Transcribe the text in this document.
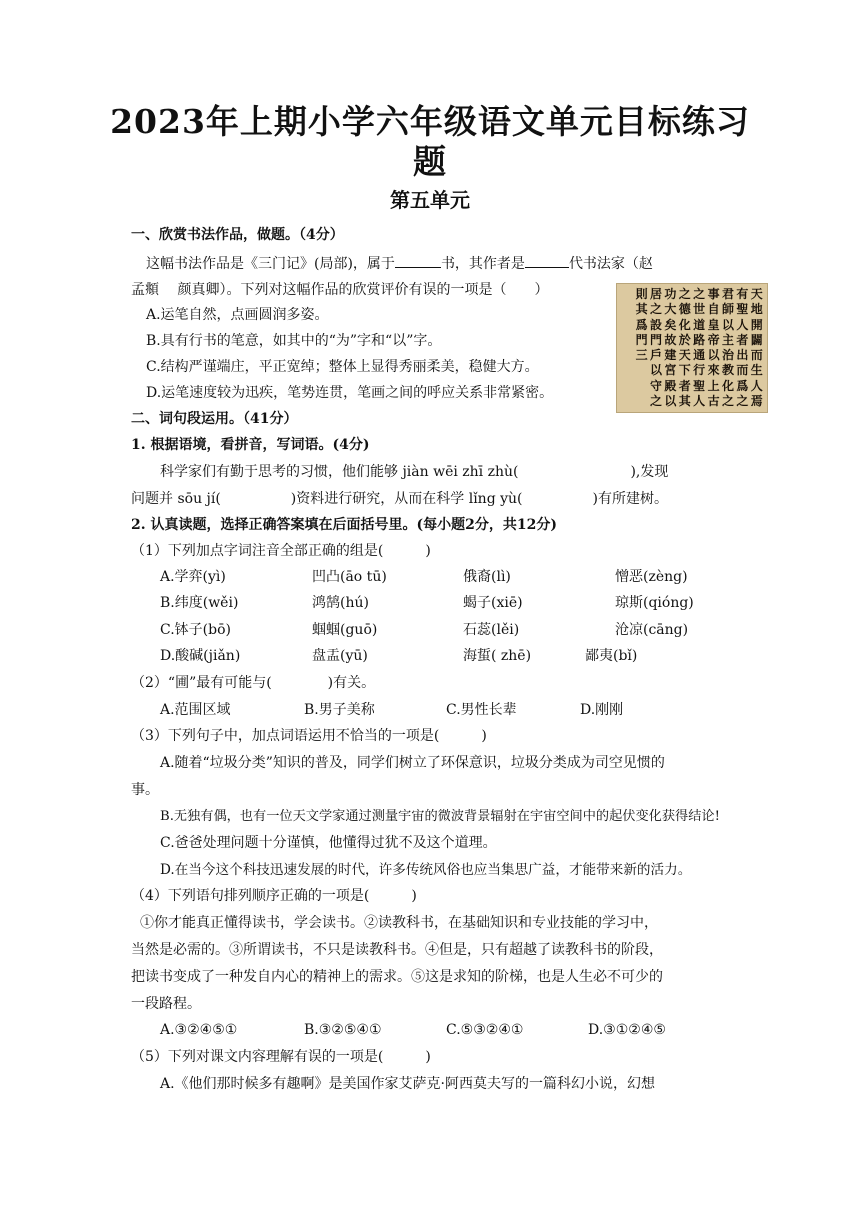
2023年上期小学六年级语文单元目标练习题
第五单元
一、欣赏书法作品，做题。（4分）
这幅书法作品是《三门记》(局部)，属于	书，其作者是	代书法家（赵
孟頫　 颜真卿）。下列对这幅作品的欣赏评价有误的一项是（　　）
A.运笔自然，点画圆润多姿。
B.具有行书的笔意，如其中的“为”字和“以”字。
C.结构严谨端庄，平正宽绰；整体上显得秀丽柔美，稳健大方。
D.运笔速度较为迅疾，笔势连贯，笔画之间的呼应关系非常紧密。
則 居 功 之 之 事 君 有 天
其 之 大 德 世 自 師 聖 地
爲 設 矣 化 道 皇 以 人 開
門 門 故 於 路 帝 主 者 闢
三 戶 建 天 通 以 治 出 而
以 宮 下 行 來 教 而 生
守 殿 者 聖 上 化 爲 人
之 以 其 人 古 之 之 焉
二、词句段运用。（41分）
1. 根据语境，看拼音，写词语。(4分)
科学家们有勤于思考的习惯，他们能够 jiàn wēi zhī zhù(　　　　　　　　),发现
问题并 sōu jí(　　　　　)资料进行研究，从而在科学 lǐng yù(　　　　　)有所建树。
2. 认真读题，选择正确答案填在后面括号里。(每小题2分，共12分)
（1）下列加点字词注音全部正确的组是(　　　)
A.学弈(yì)	凹凸(āo tū)	俄裔(lì)	憎恶(zèng)
B.纬度(wěi)	鸿鹄(hú)	蝎子(xiē)	琼斯(qióng)
C.钵子(bō)	蝈蝈(guō)	石蕊(lěi)	沧凉(cāng)
D.酸碱(jiǎn)	盘盂(yū)	海蜇( zhē)	鄙夷(bǐ)
（2）“圃”最有可能与(　　　　)有关。
A.范围区域	B.男子美称	C.男性长辈	D.刚刚
（3）下列句子中，加点词语运用不恰当的一项是(　　　)
A.随着“垃圾分类”知识的普及，同学们树立了环保意识，垃圾分类成为司空见惯的
事。
B.无独有偶，也有一位天文学家通过测量宇宙的微波背景辐射在宇宙空间中的起伏变化获得结论!
C.爸爸处理问题十分谨慎，他懂得过犹不及这个道理。
D.在当今这个科技迅速发展的时代，许多传统风俗也应当集思广益，才能带来新的活力。
（4）下列语句排列顺序正确的一项是(　　　)
①你才能真正懂得读书，学会读书。②读教科书，在基础知识和专业技能的学习中，
当然是必需的。③所谓读书，不只是读教科书。④但是，只有超越了读教科书的阶段，
把读书变成了一种发自内心的精神上的需求。⑤这是求知的阶梯，也是人生必不可少的
一段路程。
A.③②④⑤①	B.③②⑤④①	C.⑤③②④①	D.③①②④⑤
（5）下列对课文内容理解有误的一项是(　　　)
A.《他们那时候多有趣啊》是美国作家艾萨克·阿西莫夫写的一篇科幻小说，幻想
